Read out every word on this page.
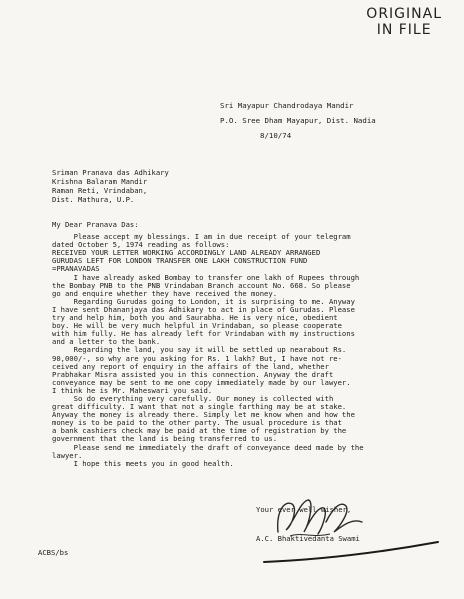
ORIGINAL
IN FILE
Sri Mayapur Chandrodaya Mandir
P.O. Sree Dham Mayapur, Dist. Nadia
8/10/74
Sriman Pranava das Adhikary
Krishna Balaram Mandir
Raman Reti, Vrindaban,
Dist. Mathura, U.P.
My Dear Pranava Das:
Please accept my blessings. I am in due receipt of your telegram
dated October 5, 1974 reading as follows:
RECEIVED YOUR LETTER WORKING ACCORDINGLY LAND ALREADY ARRANGED
GURUDAS LEFT FOR LONDON TRANSFER ONE LAKH CONSTRUCTION FUND
=PRANAVADAS
I have already asked Bombay to transfer one lakh of Rupees through
the Bombay PNB to the PNB Vrindaban Branch account No. 668. So please
go and enquire whether they have received the money.
Regarding Gurudas going to London, it is surprising to me. Anyway
I have sent Dhananjaya das Adhikary to act in place of Gurudas. Please
try and help him, both you and Saurabha. He is very nice, obedient
boy. He will be very much helpful in Vrindaban, so please cooperate
with him fully. He has already left for Vrindaban with my instructions
and a letter to the bank.
Regarding the land, you say it will be settled up nearabout Rs.
90,000/-, so why are you asking for Rs. 1 lakh? But, I have not re-
ceived any report of enquiry in the affairs of the land, whether
Prabhakar Misra assisted you in this connection. Anyway the draft
conveyance may be sent to me one copy immediately made by our lawyer.
I think he is Mr. Maheswari you said.
So do everything very carefully. Our money is collected with
great difficulty. I want that not a single farthing may be at stake.
Anyway the money is already there. Simply let me know when and how the
money is to be paid to the other party. The usual procedure is that
a bank cashiers check may be paid at the time of registration by the
government that the land is being transferred to us.
Please send me immediately the draft of conveyance deed made by the
lawyer.
I hope this meets you in good health.
Your ever well wisher,
A.C. Bhaktivedanta Swami
ACBS/bs
